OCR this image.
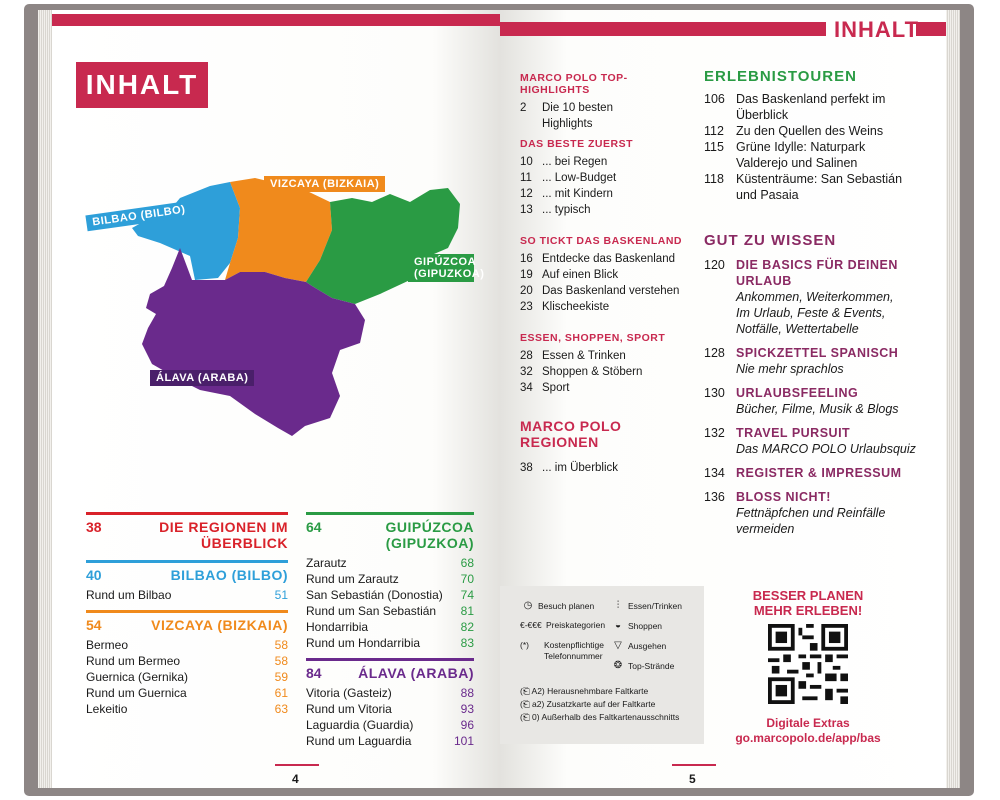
INHALT
BILBAO (BILBO)
VIZCAYA (BIZKAIA)
GIPÚZCOA (GIPUZKOA)
ÁLAVA (ARABA)
38	DIE REGIONEN IM ÜBERBLICK
40	BILBAO (BILBO)
Rund um Bilbao	51
54	VIZCAYA (BIZKAIA)
Bermeo	58
Rund um Bermeo	58
Guernica (Gernika)	59
Rund um Guernica	61
Lekeitio	63
64	GUIPÚZCOA (GIPUZKOA)
Zarautz	68
Rund um Zarautz	70
San Sebastián (Donostia) 74
Rund um San Sebastián 81
Hondarribia	82
Rund um Hondarribia	83
84	ÁLAVA (ARABA)
Vitoria (Gasteiz)	88
Rund um Vitoria	93
Laguardia (Guardia)	96
Rund um Laguardia	101
4
INHALT
MARCO POLO TOP-HIGHLIGHTS
2	Die 10 besten
Highlights
DAS BESTE ZUERST
10 ... bei Regen
11 ... Low-Budget
12 ... mit Kindern
13 ... typisch
SO TICKT DAS BASKENLAND
16 Entdecke das Baskenland
19 Auf einen Blick
20 Das Baskenland verstehen
23 Klischeekiste
ESSEN, SHOPPEN, SPORT
28 Essen & Trinken
32 Shoppen & Stöbern
34 Sport
MARCO POLO REGIONEN
38 ... im Überblick
ERLEBNISTOUREN
106 Das Baskenland perfekt im
Überblick
112 Zu den Quellen des Weins
115 Grüne Idylle: Naturpark
Valderejo und Salinen
118 Küstenträume: San Sebastián
und Pasaia
GUT ZU WISSEN
120 DIE BASICS FÜR DEINEN
URLAUB
Ankommen, Weiterkommen,
Im Urlaub, Feste & Events,
Notfälle, Wettertabelle
128 SPICKZETTEL SPANISCH
Nie mehr sprachlos
130 URLAUBSFEELING
Bücher, Filme, Musik & Blogs
132 TRAVEL PURSUIT
Das MARCO POLO Urlaubsquiz
134 REGISTER & IMPRESSUM
136 BLOSS NICHT!
Fettnäpfchen und Reinfälle
vermeiden
◷ Besuch planen
€-€€€ Preiskategorien
(*)	Kostenpflichtige
Telefonnummer
⫶	Essen/Trinken
◒ Shoppen
▽ Ausgehen
❂ Top-Strände
(⎗ A2) Herausnehmbare Faltkarte
(⎗ a2) Zusatzkarte auf der Faltkarte
(⎗ 0) Außerhalb des Faltkartenausschnitts
BESSER PLANEN
MEHR ERLEBEN!
Digitale Extras
go.marcopolo.de/app/bas
5
